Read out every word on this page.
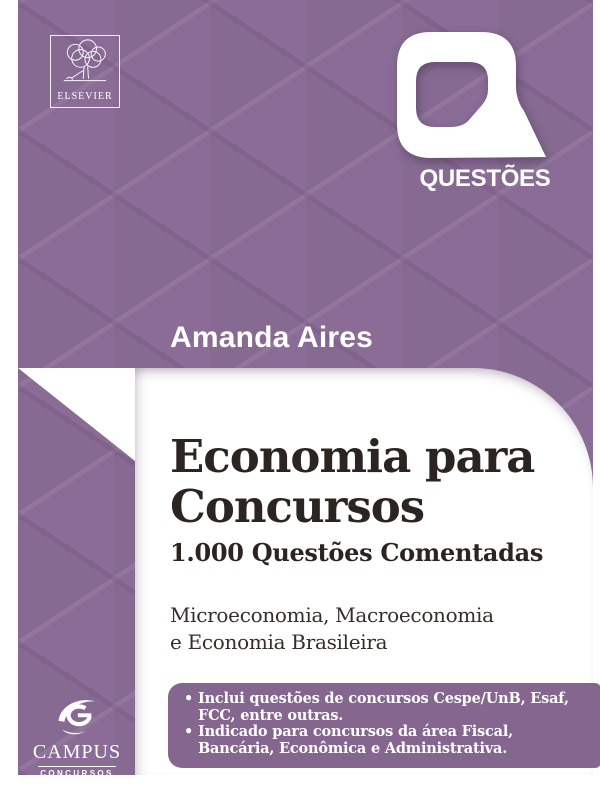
ELSEVIER
QUESTÕES
Amanda Aires
Economia para
Concursos
1.000 Questões Comentadas
Microeconomia, Macroeconomia
e Economia Brasileira
• Inclui questões de concursos Cespe/UnB, Esaf,
FCC, entre outras.
• Indicado para concursos da área Fiscal,
Bancária, Econômica e Administrativa.
CAMPUS
CONCURSOS
